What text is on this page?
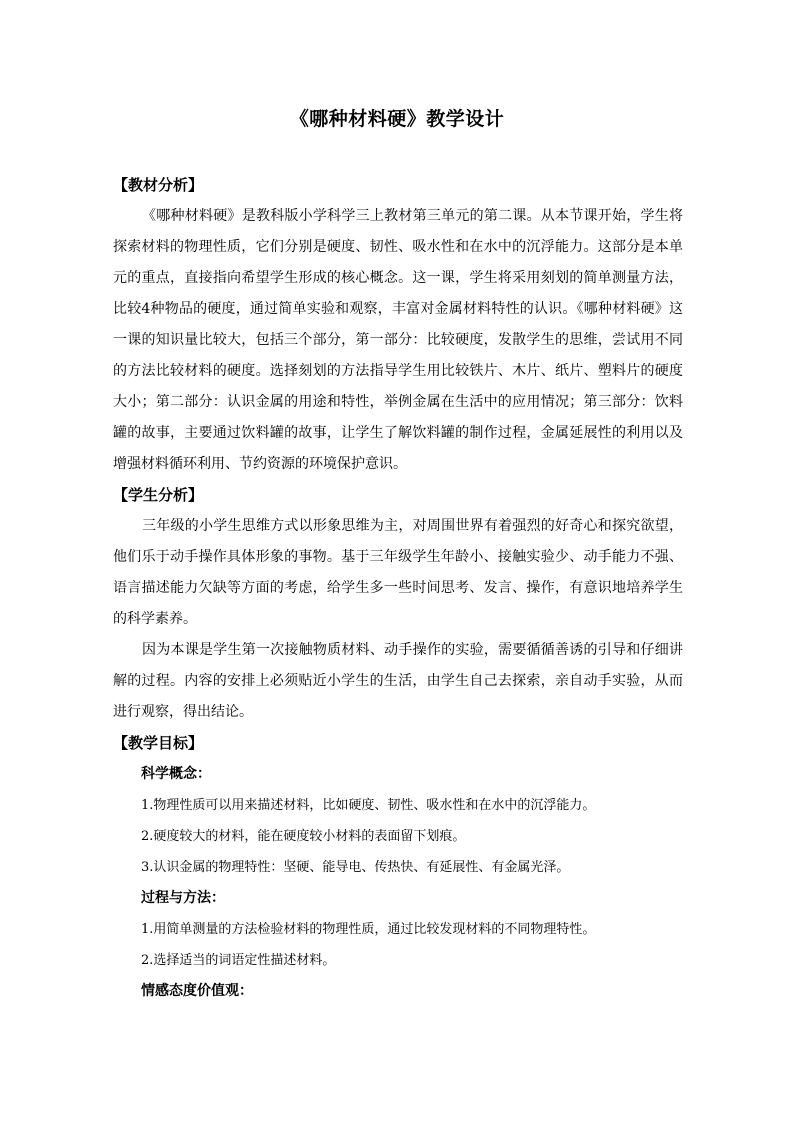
《哪种材料硬》教学设计
【教材分析】

《哪种材料硬》是教科版小学科学三上教材第三单元的第二课。从本节课开始，学生将探索材料的物理性质，它们分别是硬度、韧性、吸水性和在水中的沉浮能力。这部分是本单元的重点，直接指向希望学生形成的核心概念。这一课，学生将采用刻划的简单测量方法，比较4种物品的硬度，通过简单实验和观察，丰富对金属材料特性的认识。《哪种材料硬》这一课的知识量比较大，包括三个部分，第一部分：比较硬度，发散学生的思维，尝试用不同的方法比较材料的硬度。选择刻划的方法指导学生用比较铁片、木片、纸片、塑料片的硬度大小；第二部分：认识金属的用途和特性，举例金属在生活中的应用情况；第三部分：饮料罐的故事，主要通过饮料罐的故事，让学生了解饮料罐的制作过程，金属延展性的利用以及增强材料循环利用、节约资源的环境保护意识。

【学生分析】

三年级的小学生思维方式以形象思维为主，对周围世界有着强烈的好奇心和探究欲望，他们乐于动手操作具体形象的事物。基于三年级学生年龄小、接触实验少、动手能力不强、语言描述能力欠缺等方面的考虑，给学生多一些时间思考、发言、操作，有意识地培养学生的科学素养。

因为本课是学生第一次接触物质材料、动手操作的实验，需要循循善诱的引导和仔细讲解的过程。内容的安排上必须贴近小学生的生活，由学生自己去探索，亲自动手实验，从而进行观察，得出结论。

【教学目标】
科学概念：
1.物理性质可以用来描述材料，比如硬度、韧性、吸水性和在水中的沉浮能力。
2.硬度较大的材料，能在硬度较小材料的表面留下划痕。
3.认识金属的物理特性：坚硬、能导电、传热快、有延展性、有金属光泽。
过程与方法：
1.用简单测量的方法检验材料的物理性质，通过比较发现材料的不同物理特性。
2.选择适当的词语定性描述材料。
情感态度价值观：
